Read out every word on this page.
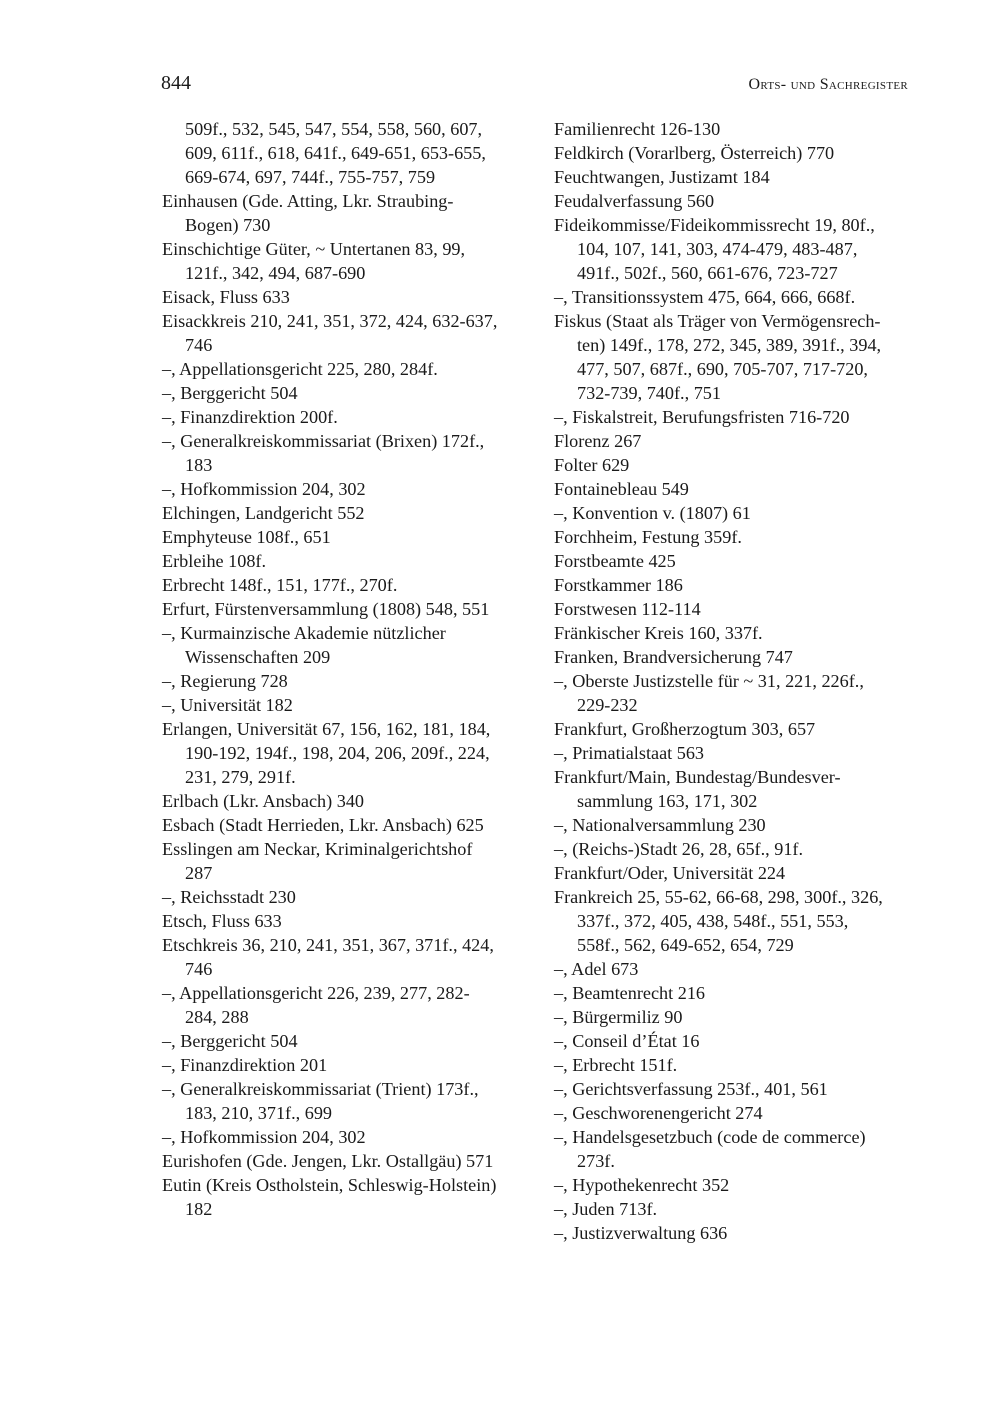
844	Orts- und Sachregister
509f., 532, 545, 547, 554, 558, 560, 607,
609, 611f., 618, 641f., 649-651, 653-655,
669-674, 697, 744f., 755-757, 759
Einhausen (Gde. Atting, Lkr. Straubing-
Bogen) 730
Einschichtige Güter, ~ Untertanen 83, 99,
121f., 342, 494, 687-690
Eisack, Fluss 633
Eisackkreis 210, 241, 351, 372, 424, 632-637,
746
–, Appellationsgericht 225, 280, 284f.
–, Berggericht 504
–, Finanzdirektion 200f.
–, Generalkreiskommissariat (Brixen) 172f.,
183
–, Hofkommission 204, 302
Elchingen, Landgericht 552
Emphyteuse 108f., 651
Erbleihe 108f.
Erbrecht 148f., 151, 177f., 270f.
Erfurt, Fürstenversammlung (1808) 548, 551
–, Kurmainzische Akademie nützlicher
Wissenschaften 209
–, Regierung 728
–, Universität 182
Erlangen, Universität 67, 156, 162, 181, 184,
190-192, 194f., 198, 204, 206, 209f., 224,
231, 279, 291f.
Erlbach (Lkr. Ansbach) 340
Esbach (Stadt Herrieden, Lkr. Ansbach) 625
Esslingen am Neckar, Kriminalgerichtshof
287
–, Reichsstadt 230
Etsch, Fluss 633
Etschkreis 36, 210, 241, 351, 367, 371f., 424,
746
–, Appellationsgericht 226, 239, 277, 282-
284, 288
–, Berggericht 504
–, Finanzdirektion 201
–, Generalkreiskommissariat (Trient) 173f.,
183, 210, 371f., 699
–, Hofkommission 204, 302
Eurishofen (Gde. Jengen, Lkr. Ostallgäu) 571
Eutin (Kreis Ostholstein, Schleswig-Holstein)
182
Familienrecht 126-130
Feldkirch (Vorarlberg, Österreich) 770
Feuchtwangen, Justizamt 184
Feudalverfassung 560
Fideikommisse/Fideikommissrecht 19, 80f.,
104, 107, 141, 303, 474-479, 483-487,
491f., 502f., 560, 661-676, 723-727
–, Transitionssystem 475, 664, 666, 668f.
Fiskus (Staat als Träger von Vermögensrech-
ten) 149f., 178, 272, 345, 389, 391f., 394,
477, 507, 687f., 690, 705-707, 717-720,
732-739, 740f., 751
–, Fiskalstreit, Berufungsfristen 716-720
Florenz 267
Folter 629
Fontainebleau 549
–, Konvention v. (1807) 61
Forchheim, Festung 359f.
Forstbeamte 425
Forstkammer 186
Forstwesen 112-114
Fränkischer Kreis 160, 337f.
Franken, Brandversicherung 747
–, Oberste Justizstelle für ~ 31, 221, 226f.,
229-232
Frankfurt, Großherzogtum 303, 657
–, Primatialstaat 563
Frankfurt/Main, Bundestag/Bundesver-
sammlung 163, 171, 302
–, Nationalversammlung 230
–, (Reichs-)Stadt 26, 28, 65f., 91f.
Frankfurt/Oder, Universität 224
Frankreich 25, 55-62, 66-68, 298, 300f., 326,
337f., 372, 405, 438, 548f., 551, 553,
558f., 562, 649-652, 654, 729
–, Adel 673
–, Beamtenrecht 216
–, Bürgermiliz 90
–, Conseil d’État 16
–, Erbrecht 151f.
–, Gerichtsverfassung 253f., 401, 561
–, Geschworenengericht 274
–, Handelsgesetzbuch (code de commerce)
273f.
–, Hypothekenrecht 352
–, Juden 713f.
–, Justizverwaltung 636
